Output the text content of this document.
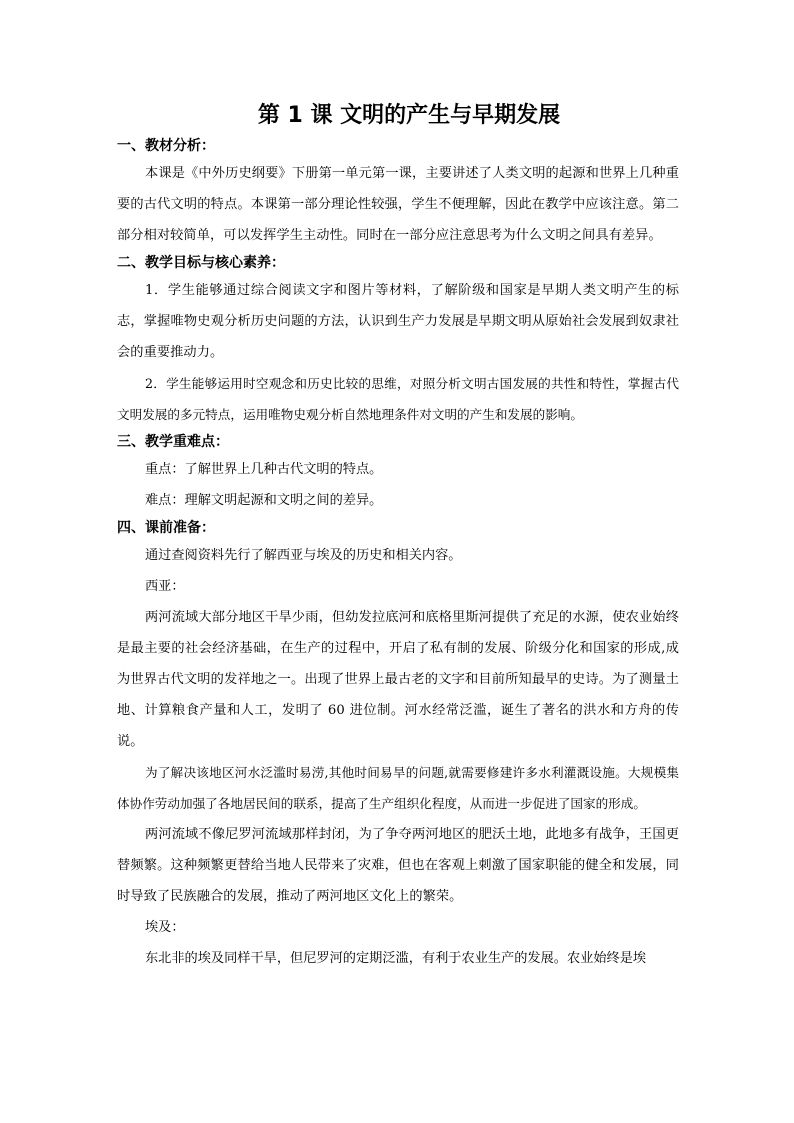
第 1 课 文明的产生与早期发展
一、教材分析：

本课是《中外历史纲要》下册第一单元第一课，主要讲述了人类文明的起源和世界上几种重要的古代文明的特点。本课第一部分理论性较强，学生不便理解，因此在教学中应该注意。第二部分相对较简单，可以发挥学生主动性。同时在一部分应注意思考为什么文明之间具有差异。

二、教学目标与核心素养：

1．学生能够通过综合阅读文字和图片等材料，了解阶级和国家是早期人类文明产生的标志，掌握唯物史观分析历史问题的方法，认识到生产力发展是早期文明从原始社会发展到奴隶社会的重要推动力。

2．学生能够运用时空观念和历史比较的思维，对照分析文明古国发展的共性和特性，掌握古代文明发展的多元特点，运用唯物史观分析自然地理条件对文明的产生和发展的影响。

三、教学重难点：

重点：了解世界上几种古代文明的特点。

难点：理解文明起源和文明之间的差异。

四、课前准备：

通过查阅资料先行了解西亚与埃及的历史和相关内容。

西亚：

两河流域大部分地区干旱少雨，但幼发拉底河和底格里斯河提供了充足的水源，使农业始终是最主要的社会经济基础，在生产的过程中，开启了私有制的发展、阶级分化和国家的形成,成为世界古代文明的发祥地之一。出现了世界上最古老的文字和目前所知最早的史诗。为了测量土地、计算粮食产量和人工，发明了 60 进位制。河水经常泛滥，诞生了著名的洪水和方舟的传说。

为了解决该地区河水泛滥时易涝,其他时间易旱的问题,就需要修建许多水利灌溉设施。大规模集体协作劳动加强了各地居民间的联系，提高了生产组织化程度，从而进一步促进了国家的形成。

两河流域不像尼罗河流域那样封闭，为了争夺两河地区的肥沃土地，此地多有战争，王国更替频繁。这种频繁更替给当地人民带来了灾难，但也在客观上刺激了国家职能的健全和发展，同时导致了民族融合的发展，推动了两河地区文化上的繁荣。

埃及：

东北非的埃及同样干旱，但尼罗河的定期泛滥，有利于农业生产的发展。农业始终是埃
